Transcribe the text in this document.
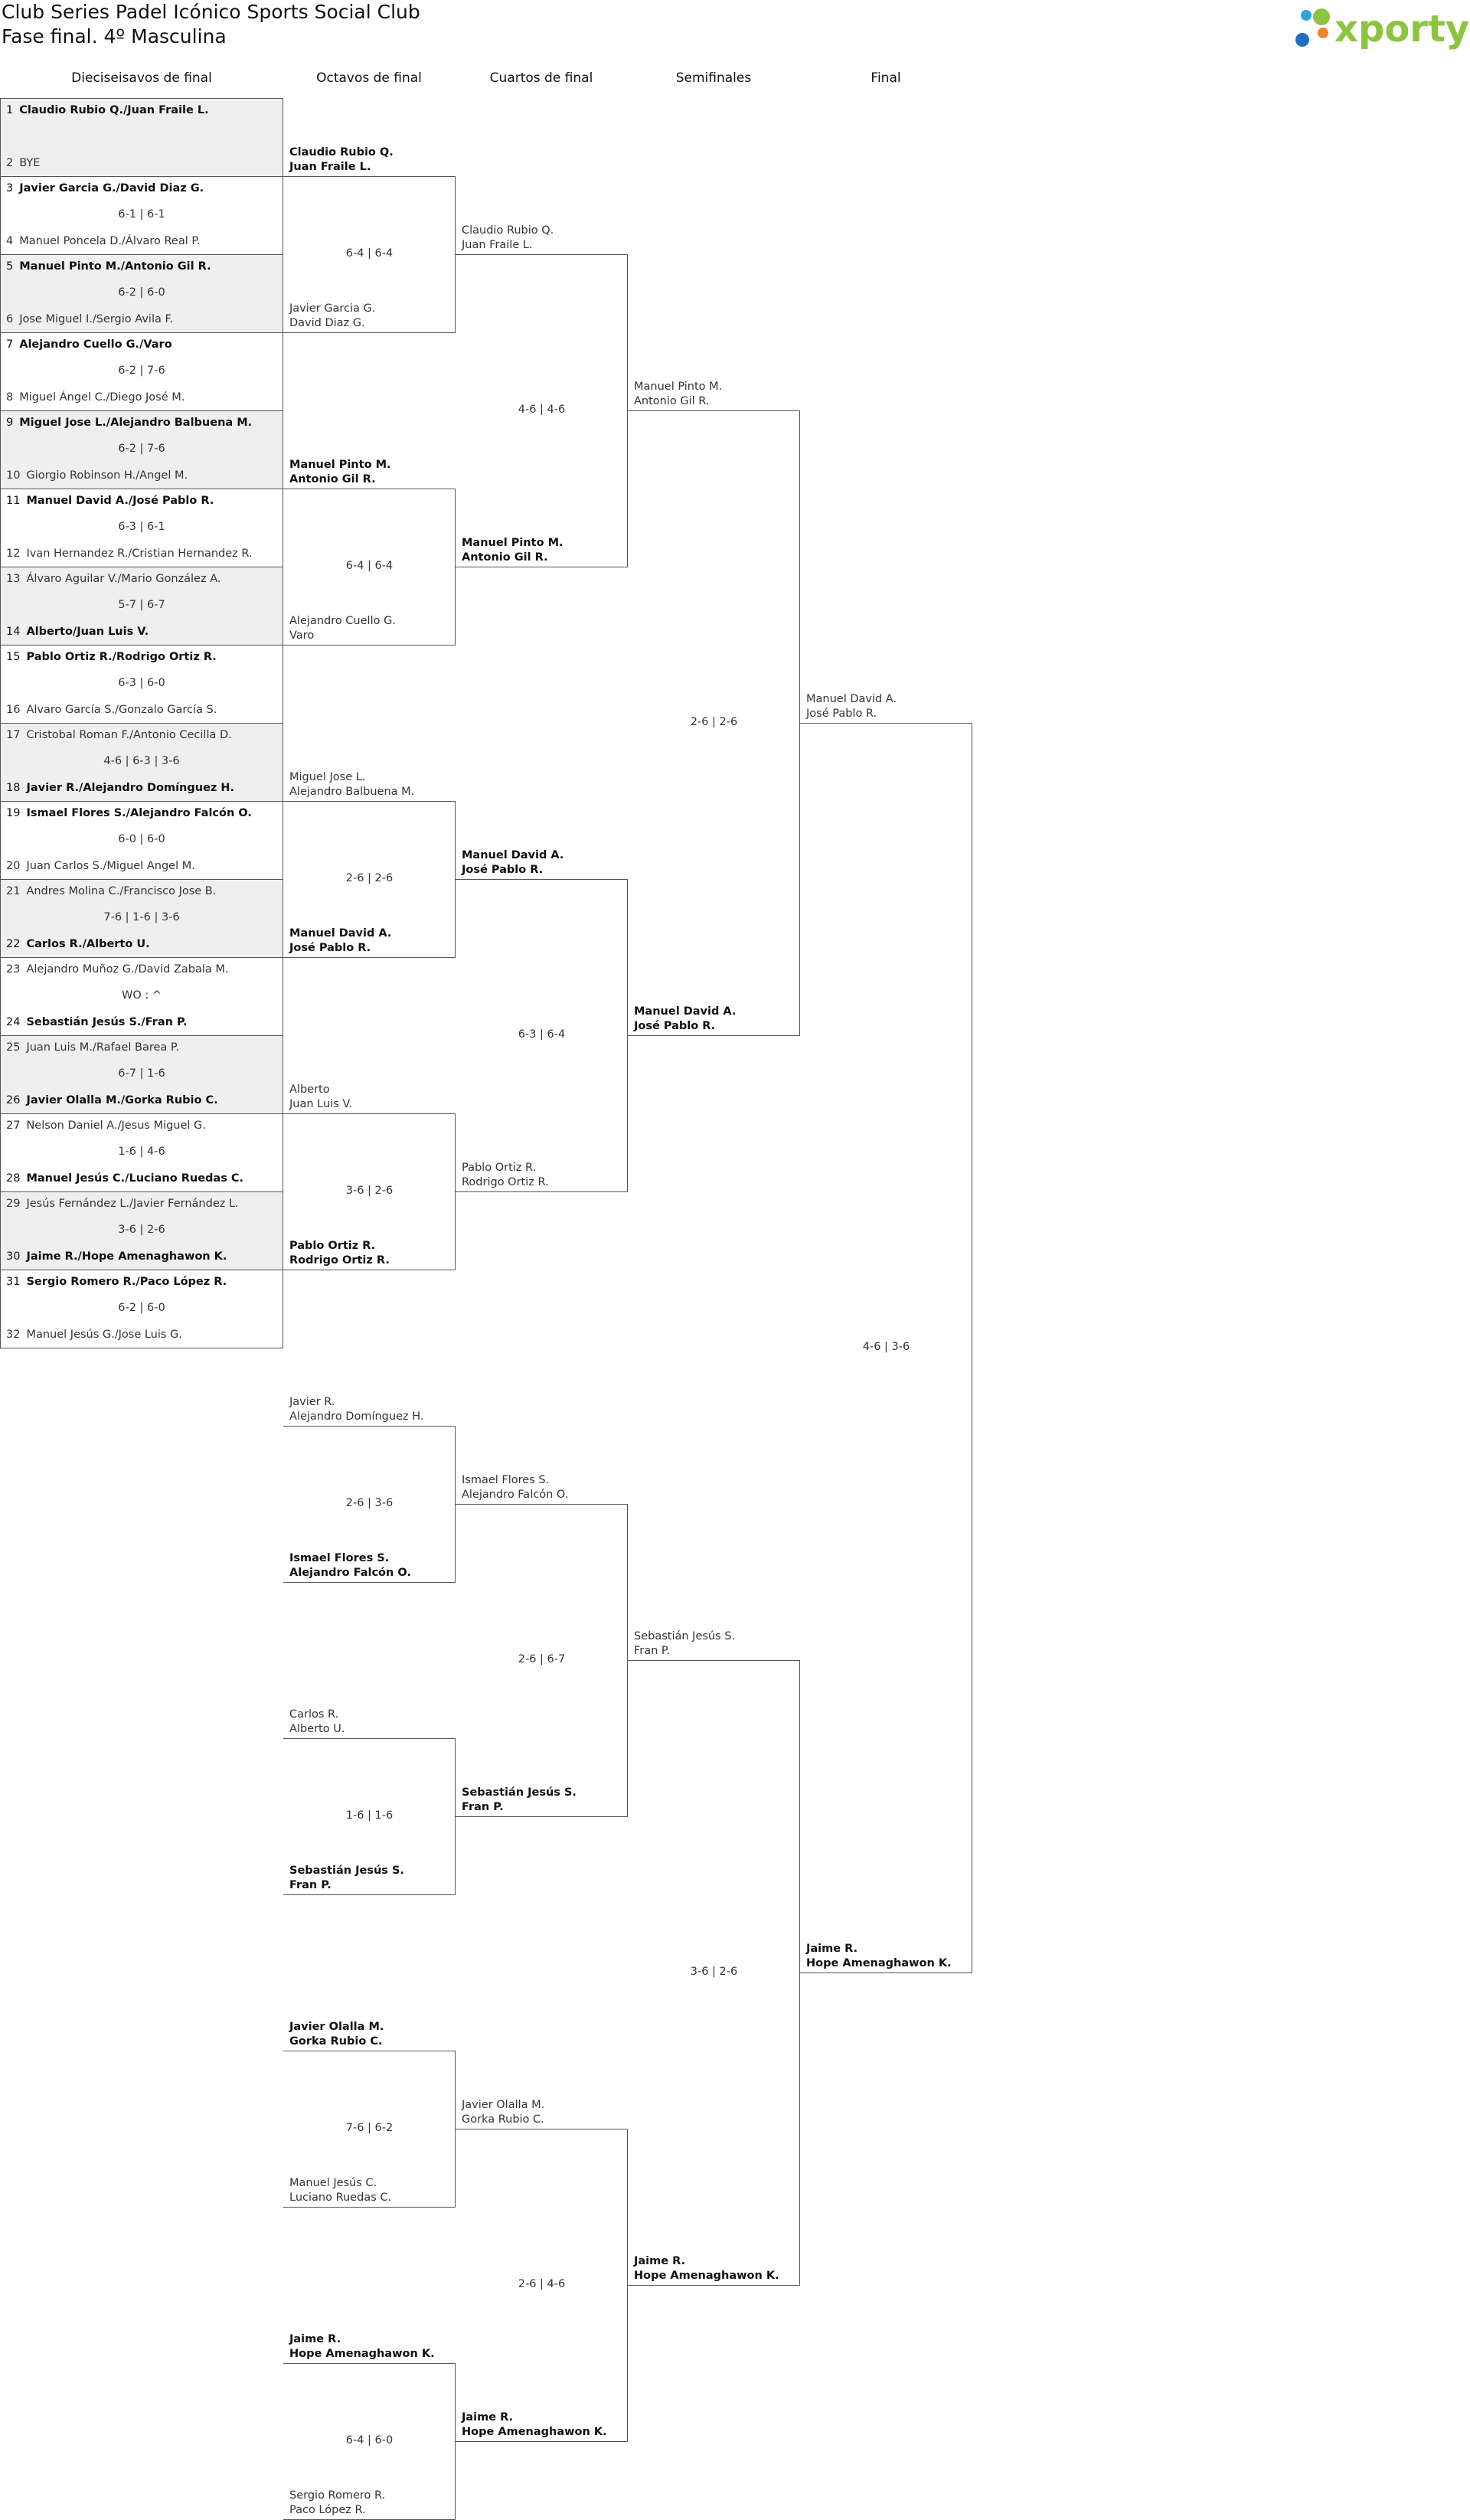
Club Series Padel Icónico Sports Social Club
Fase final. 4º Masculina	xporty
Dieciseisavos de final	Octavos de final	Cuartos de final	Semifinales	Final
1 Claudio Rubio Q./Juan Fraile L.
2 BYE
3 Javier Garcia G./David Diaz G.
6-1 | 6-1
4 Manuel Poncela D./Álvaro Real P.
5 Manuel Pinto M./Antonio Gil R.
6-2 | 6-0
6 Jose Miguel I./Sergio Avila F.
7 Alejandro Cuello G./Varo
6-2 | 7-6
8 Miguel Ángel C./Diego José M.
9 Miguel Jose L./Alejandro Balbuena M.
6-2 | 7-6
10 Giorgio Robinson H./Angel M.
11 Manuel David A./José Pablo R.
6-3 | 6-1
12 Ivan Hernandez R./Cristian Hernandez R.
13 Álvaro Aguilar V./Mario González A.
5-7 | 6-7
14 Alberto/Juan Luis V.
15 Pablo Ortiz R./Rodrigo Ortiz R.
6-3 | 6-0
16 Alvaro García S./Gonzalo García S.
17 Cristobal Roman F./Antonio Cecilla D.
4-6 | 6-3 | 3-6
18 Javier R./Alejandro Domínguez H.
19 Ismael Flores S./Alejandro Falcón O.
6-0 | 6-0
20 Juan Carlos S./Miguel Angel M.
21 Andres Molina C./Francisco Jose B.
7-6 | 1-6 | 3-6
22 Carlos R./Alberto U.
23 Alejandro Muñoz G./David Zabala M.
WO : ^
24 Sebastián Jesús S./Fran P.
25 Juan Luis M./Rafael Barea P.
6-7 | 1-6
26 Javier Olalla M./Gorka Rubio C.
27 Nelson Daniel A./Jesus Miguel G.
1-6 | 4-6
28 Manuel Jesús C./Luciano Ruedas C.
29 Jesús Fernández L./Javier Fernández L.
3-6 | 2-6
30 Jaime R./Hope Amenaghawon K.
31 Sergio Romero R./Paco López R.
6-2 | 6-0
32 Manuel Jesús G./Jose Luis G.
Claudio Rubio Q.
Juan Fraile L.
Javier Garcia G.
David Diaz G.
6-4 | 6-4
Manuel Pinto M.
Antonio Gil R.
Alejandro Cuello G.
Varo
6-4 | 6-4
Miguel Jose L.
Alejandro Balbuena M.
Manuel David A.
José Pablo R.
2-6 | 2-6
Alberto
Juan Luis V.
Pablo Ortiz R.
Rodrigo Ortiz R.
3-6 | 2-6
Javier R.
Alejandro Domínguez H.
Ismael Flores S.
Alejandro Falcón O.
2-6 | 3-6
Carlos R.
Alberto U.
Sebastián Jesús S.
Fran P.
1-6 | 1-6
Javier Olalla M.
Gorka Rubio C.
Manuel Jesús C.
Luciano Ruedas C.
7-6 | 6-2
Jaime R.
Hope Amenaghawon K.
Sergio Romero R.
Paco López R.
6-4 | 6-0
Claudio Rubio Q.
Juan Fraile L.
Manuel Pinto M.
Antonio Gil R.
4-6 | 4-6
Manuel David A.
José Pablo R.
Pablo Ortiz R.
Rodrigo Ortiz R.
6-3 | 6-4
Ismael Flores S.
Alejandro Falcón O.
Sebastián Jesús S.
Fran P.
2-6 | 6-7
Javier Olalla M.
Gorka Rubio C.
Jaime R.
Hope Amenaghawon K.
2-6 | 4-6
Manuel Pinto M.
Antonio Gil R.
Manuel David A.
José Pablo R.
2-6 | 2-6
Sebastián Jesús S.
Fran P.
Jaime R.
Hope Amenaghawon K.
3-6 | 2-6
Manuel David A.
José Pablo R.
Jaime R.
Hope Amenaghawon K.
4-6 | 3-6
